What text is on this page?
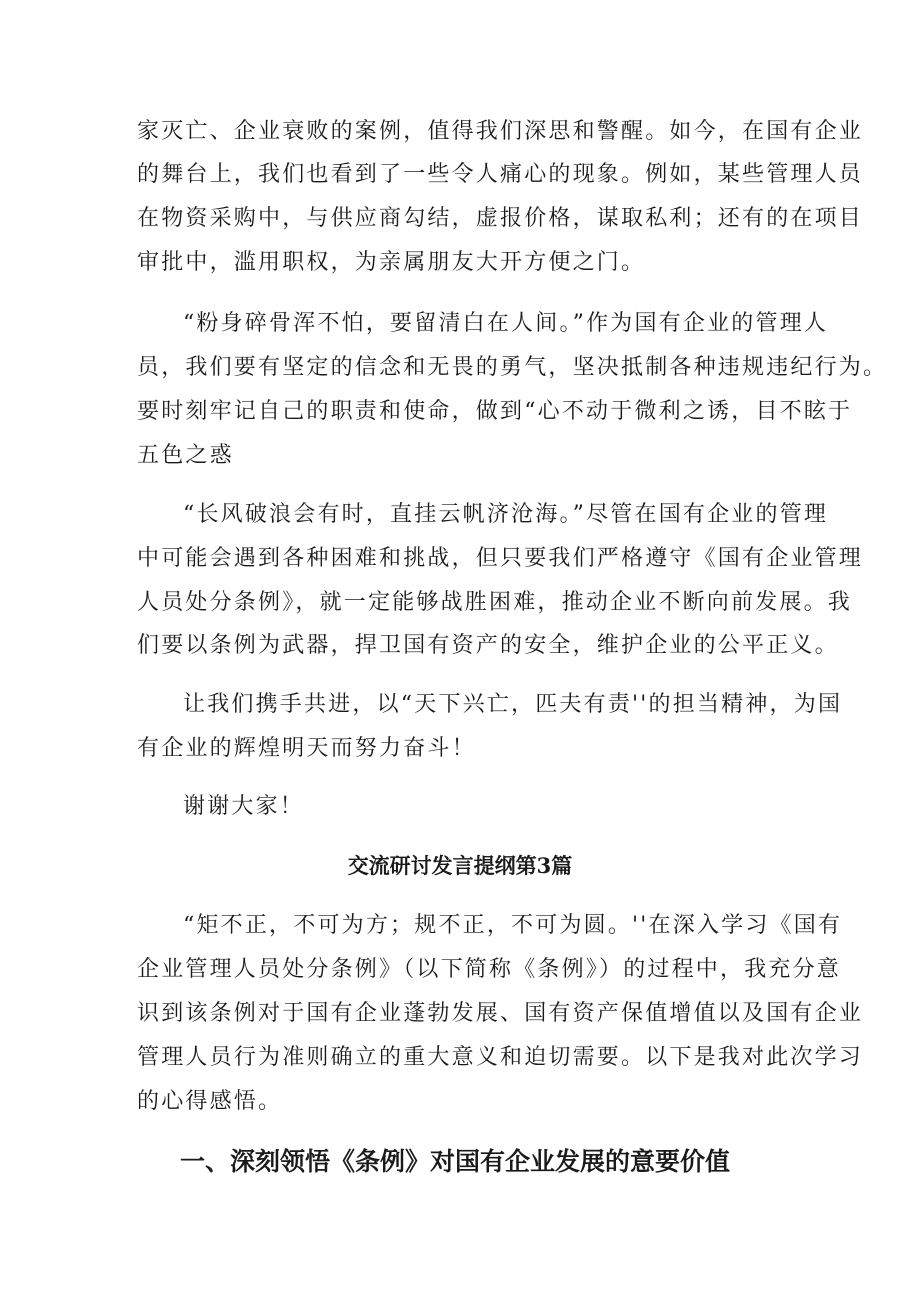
家灭亡、企业衰败的案例，值得我们深思和警醒。如今，在国有企业
的舞台上，我们也看到了一些令人痛心的现象。例如，某些管理人员
在物资采购中，与供应商勾结，虚报价格，谋取私利；还有的在项目
审批中，滥用职权，为亲属朋友大开方便之门。
“粉身碎骨浑不怕，要留清白在人间。”作为国有企业的管理人
员，我们要有坚定的信念和无畏的勇气，坚决抵制各种违规违纪行为。
要时刻牢记自己的职责和使命，做到“心不动于微利之诱，目不眩于
五色之惑
“长风破浪会有时，直挂云帆济沧海。”尽管在国有企业的管理
中可能会遇到各种困难和挑战，但只要我们严格遵守《国有企业管理
人员处分条例》，就一定能够战胜困难，推动企业不断向前发展。我
们要以条例为武器，捍卫国有资产的安全，维护企业的公平正义。
让我们携手共进，以“天下兴亡，匹夫有责''的担当精神，为国
有企业的辉煌明天而努力奋斗！
谢谢大家！
交流研讨发言提纲第3篇
“矩不正，不可为方；规不正，不可为圆。''在深入学习《国有
企业管理人员处分条例》（以下简称《条例》）的过程中，我充分意
识到该条例对于国有企业蓬勃发展、国有资产保值增值以及国有企业
管理人员行为准则确立的重大意义和迫切需要。以下是我对此次学习
的心得感悟。
一、深刻领悟《条例》对国有企业发展的意要价值
